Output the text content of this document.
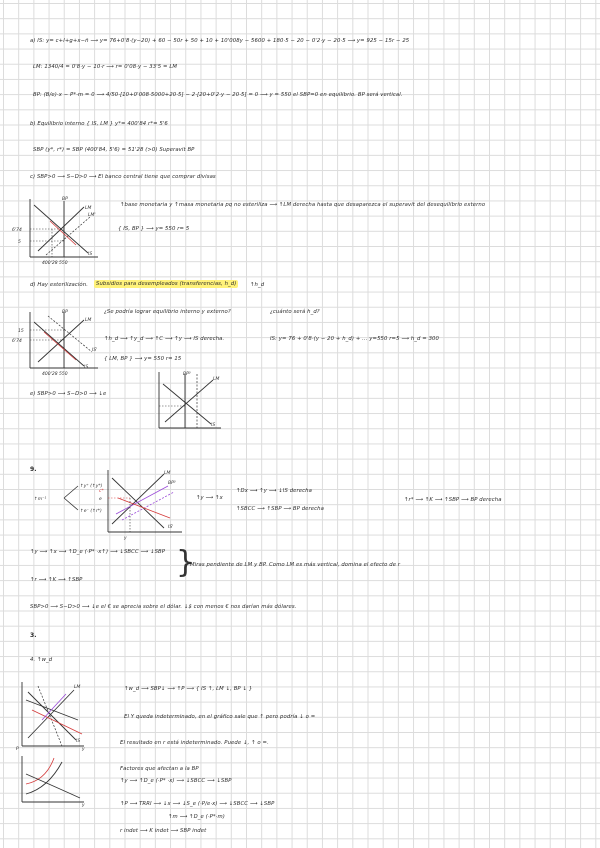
a) IS: y= c+I+g+x−ñ ⟶ y= 76+0'8·(y−20) + 60 − 50r + 50 + 10 + 10'008y − 5600 + 180·5 − 20 − 0'2·y − 20·5 ⟶ y= 925 − 15r − 25
LM: 1340/4 = 0'8·y − 10·r ⟶ r= 0'08·y − 33'5 = LM
BP: (B/e)·x − P*·m = 0 ⟶ 4/50·[10+0'008·5000+20·5] − 2·[20+0'2·y − 20·5] = 0 ⟶ y = 550 el SBP=0 en equilibrio. BP será vertical.
b) Equilibrio interno { IS, LM } y*= 400'84 r*= 5'6
SBP (y*, r*) = SBP (400'84, 5'6) = 51'28 (>0) Superavit BP
c) SBP>0 ⟶ S−D>0 ⟶ El banco central tiene que comprar divisas
BP
LM
LM'
IS
6'74
5
400'28 550
↑base monetaria y ↑masa monetaria pq no esteriliza ⟶ ↑LM derecha hasta que desaparezca el superavit del desequilibrio externo
{ IS, BP } ⟶ y= 550 r= 5
d) Hay esterilización.	Subsidios para desempleados (transferencias, h_d)	↑h_d
BP
LM
IS'
IS
15
6'74
400'28 550
¿Se podría lograr equilibrio interno y externo?	¿cuánto será h_d?
↑h_d ⟶ ↑y_d ⟶ ↑C ⟶ ↑y ⟶ IS derecha.	IS: y= 76 + 0'8·(y − 20 + h_d) + ... y=550 r=5 ⟶ h_d = 300
{ LM, BP } ⟶ y= 550 r= 15
e) SBP>0 ⟶ S−D>0 ⟶ ↓e
BP⁰
LM
IS
9.
↑m⁻¹
↑y⁺ (↑y*)
↑e⁻ (↑r*)
LM
BP⁰
IS'
c*
e
y
↑y ⟶ ↑x
↑Dx ⟶ ↑y ⟶ ↓IS derecha
↑SBCC ⟶ ↑SBP ⟶ BP derecha
↑r* ⟶ ↑K ⟶ ↑SBP ⟶ BP derecha
↑y ⟶ ↑x ⟶ ↑D_e (·P* ·x↑) ⟶ ↓SBCC ⟶ ↓SBP
↑r ⟶ ↑K ⟶ ↑SBP	}
Miras pendiente de LM y BP. Como LM es más vertical, domina el efecto de r
SBP>0 ⟶ S−D>0 ⟶ ↓e el € se aprecia sobre el dólar. ↓$ con menos € nos darían más dólares.
3.
4. ↑w_d
LM
IS
P	y
y
↑w_d ⟶ SBP↓ ⟶ ↑P ⟶ { IS ↑, LM ↓, BP ↓ }
El Y queda indeterminado, en el gráfico sale que ↑ pero podría ↓ o =
El resultado en r está indeterminado. Puede ↓, ↑ o =.
Factores que afectan a la BP
↑y ⟶ ↑D_e (·P* ·x) ⟶ ↓SBCC ⟶ ↓SBP
↑P ⟶ TRRI ⟶ ↓x ⟶ ↓S_e (·P/e·x) ⟶ ↓SBCC ⟶ ↓SBP
↑m ⟶ ↑D_e (·P*·m)
r indet ⟶ K indet ⟶ SBP indet
